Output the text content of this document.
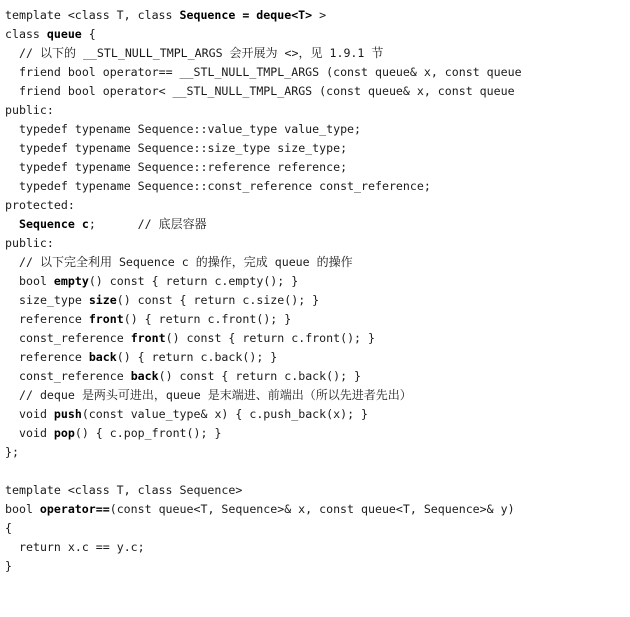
template <class T, class Sequence = deque<T> >
class queue {
// 以下的 __STL_NULL_TMPL_ARGS 会开展为 <>，见 1.9.1 节
friend bool operator== __STL_NULL_TMPL_ARGS (const queue& x, const queue
friend bool operator< __STL_NULL_TMPL_ARGS (const queue& x, const queue
public:
typedef typename Sequence::value_type value_type;
typedef typename Sequence::size_type size_type;
typedef typename Sequence::reference reference;
typedef typename Sequence::const_reference const_reference;
protected:
Sequence c;      // 底层容器
public:
// 以下完全利用 Sequence c 的操作，完成 queue 的操作
bool empty() const { return c.empty(); }
size_type size() const { return c.size(); }
reference front() { return c.front(); }
const_reference front() const { return c.front(); }
reference back() { return c.back(); }
const_reference back() const { return c.back(); }
// deque 是两头可进出，queue 是末端进、前端出（所以先进者先出）
void push(const value_type& x) { c.push_back(x); }
void pop() { c.pop_front(); }
};
template <class T, class Sequence>
bool operator==(const queue<T, Sequence>& x, const queue<T, Sequence>& y)
{
return x.c == y.c;
}
